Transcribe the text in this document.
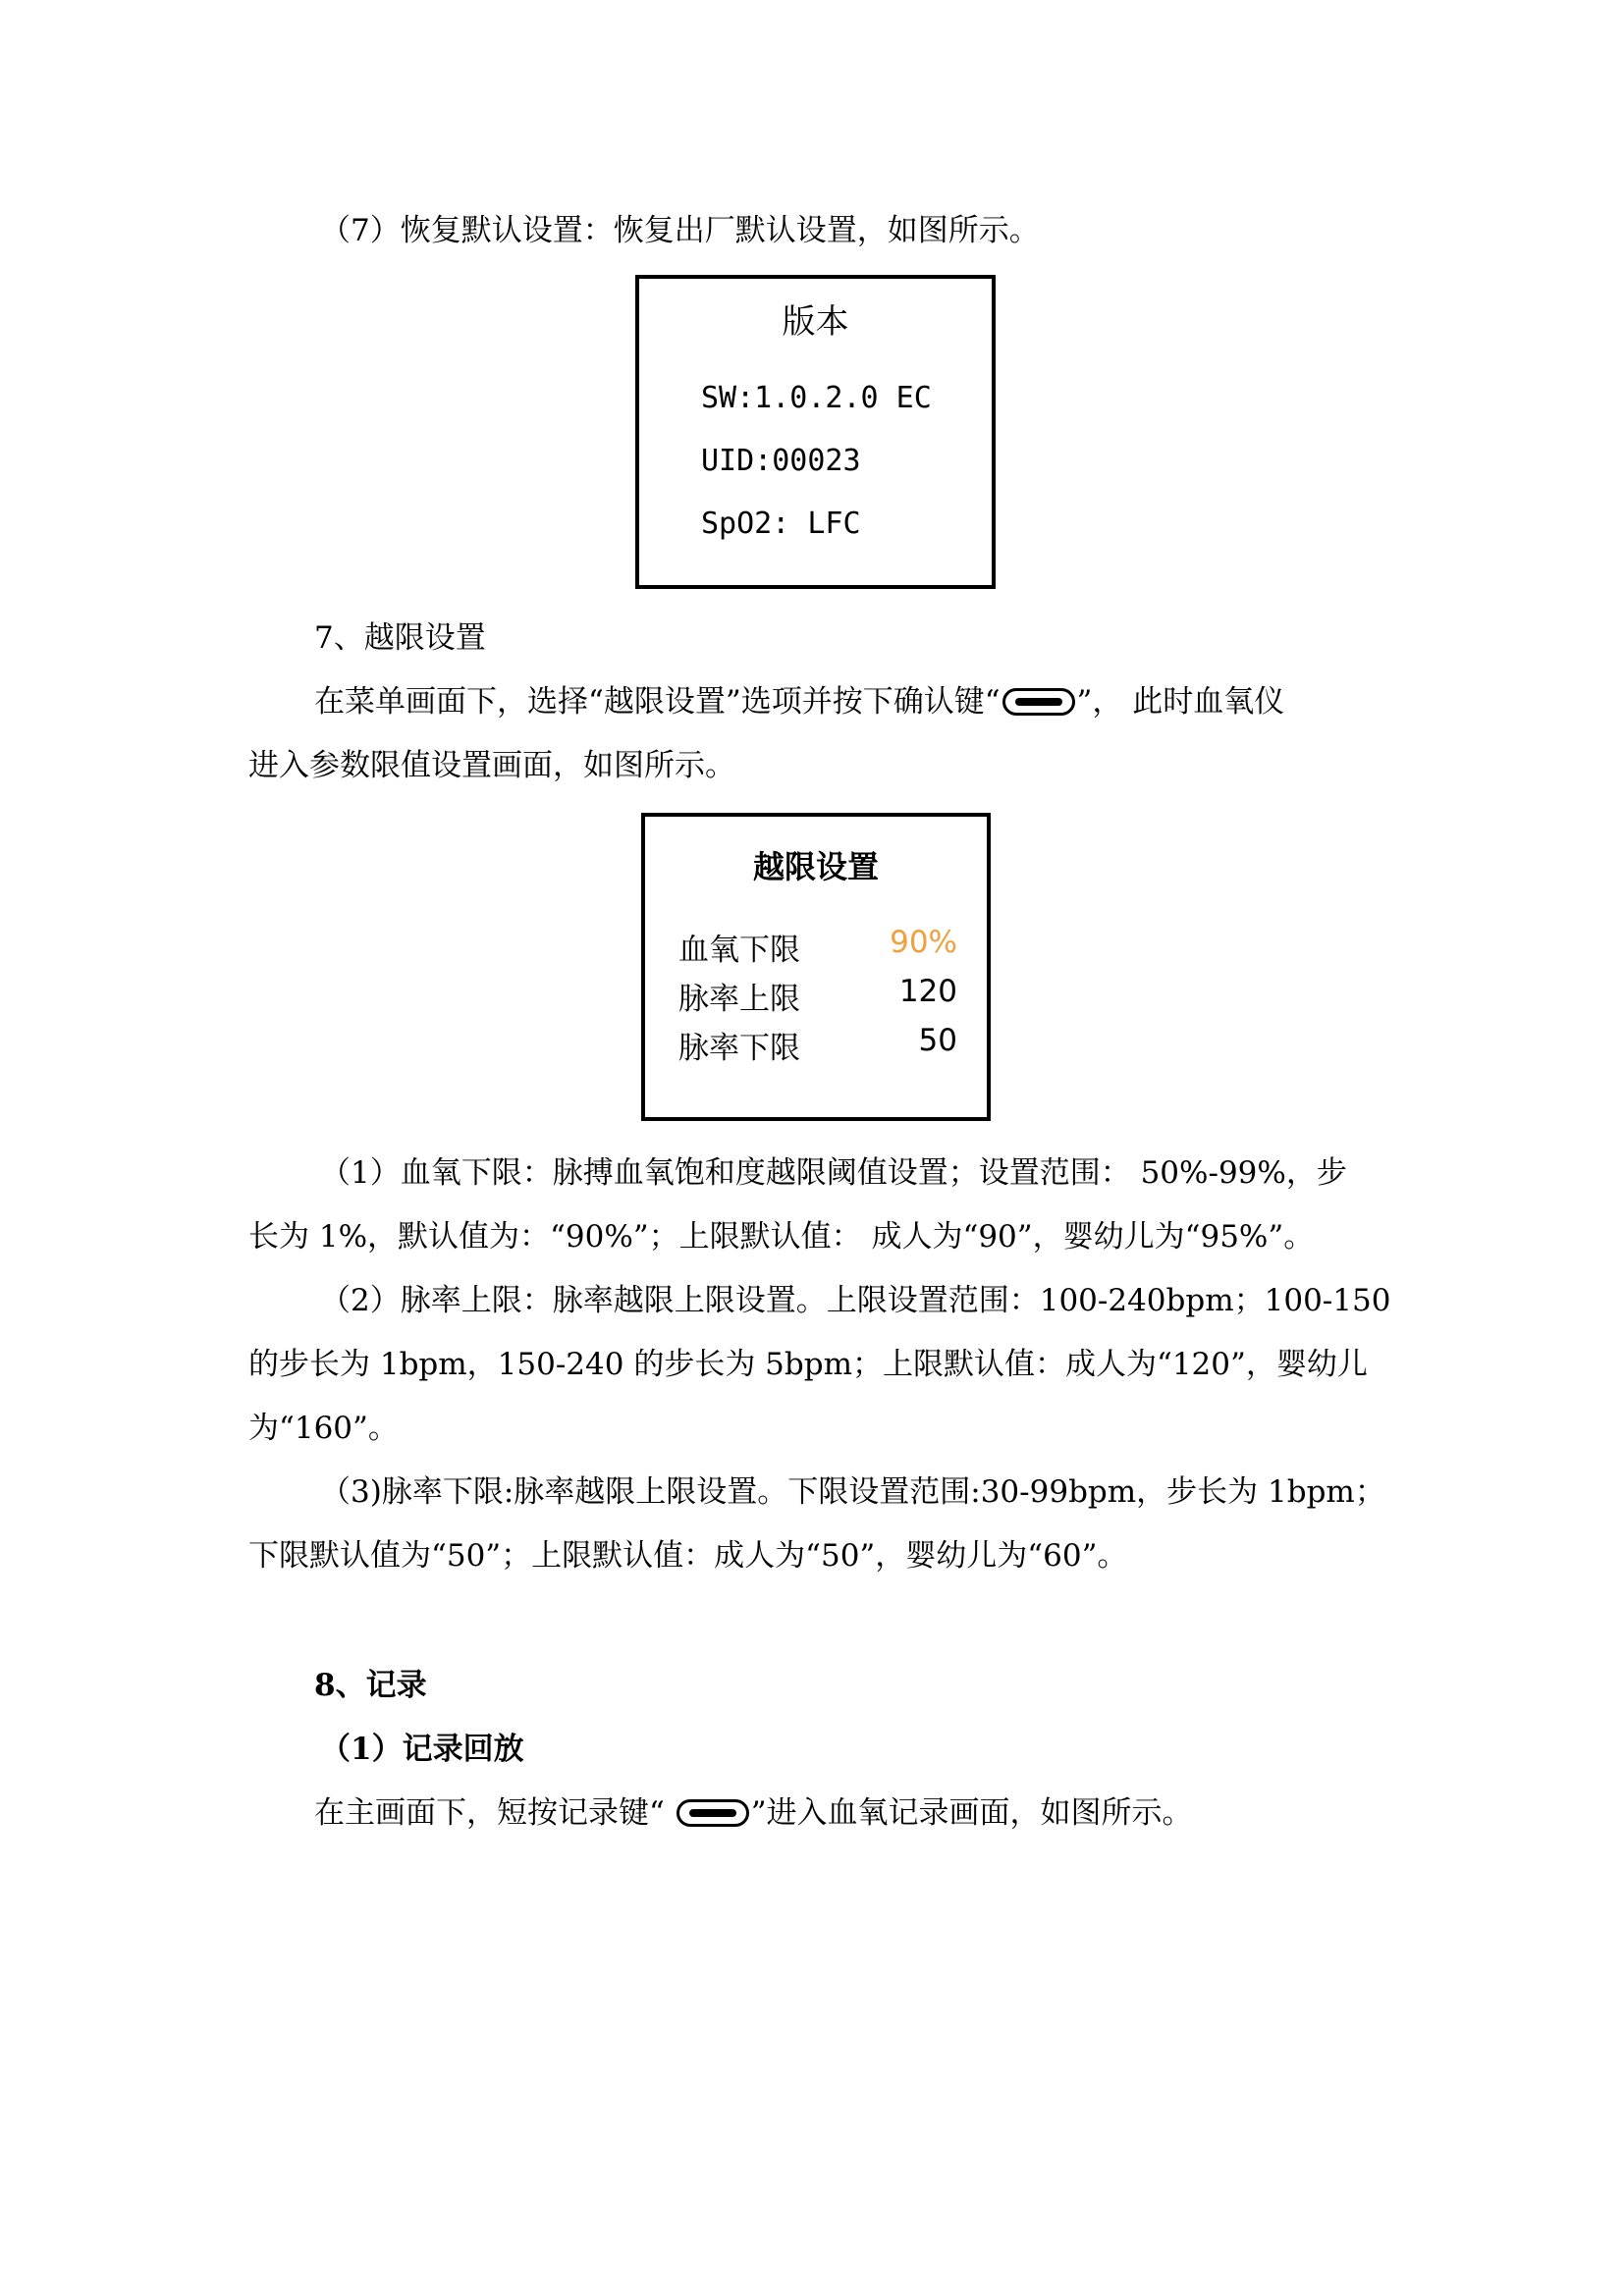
（7）恢复默认设置：恢复出厂默认设置，如图所示。
版本
SW:1.0.2.0 EC
UID:00023
SpO2: LFC
7、越限设置
在菜单画面下，选择“越限设置”选项并按下确认键“	”， 此时血氧仪
进入参数限值设置画面，如图所示。
越限设置
血氧下限	90%
脉率上限	120
脉率下限	50
（1）血氧下限：脉搏血氧饱和度越限阈值设置；设置范围： 50%-99%，步
长为 1%，默认值为：“90%”；上限默认值： 成人为“90”，婴幼儿为“95%”。
（2）脉率上限：脉率越限上限设置。上限设置范围：100-240bpm；100-150
的步长为 1bpm，150-240 的步长为 5bpm；上限默认值：成人为“120”，婴幼儿
为“160”。
（3)脉率下限:脉率越限上限设置。下限设置范围:30-99bpm，步长为 1bpm；
下限默认值为“50”；上限默认值：成人为“50”，婴幼儿为“60”。
8、记录
（1）记录回放
在主画面下，短按记录键“	”进入血氧记录画面，如图所示。
